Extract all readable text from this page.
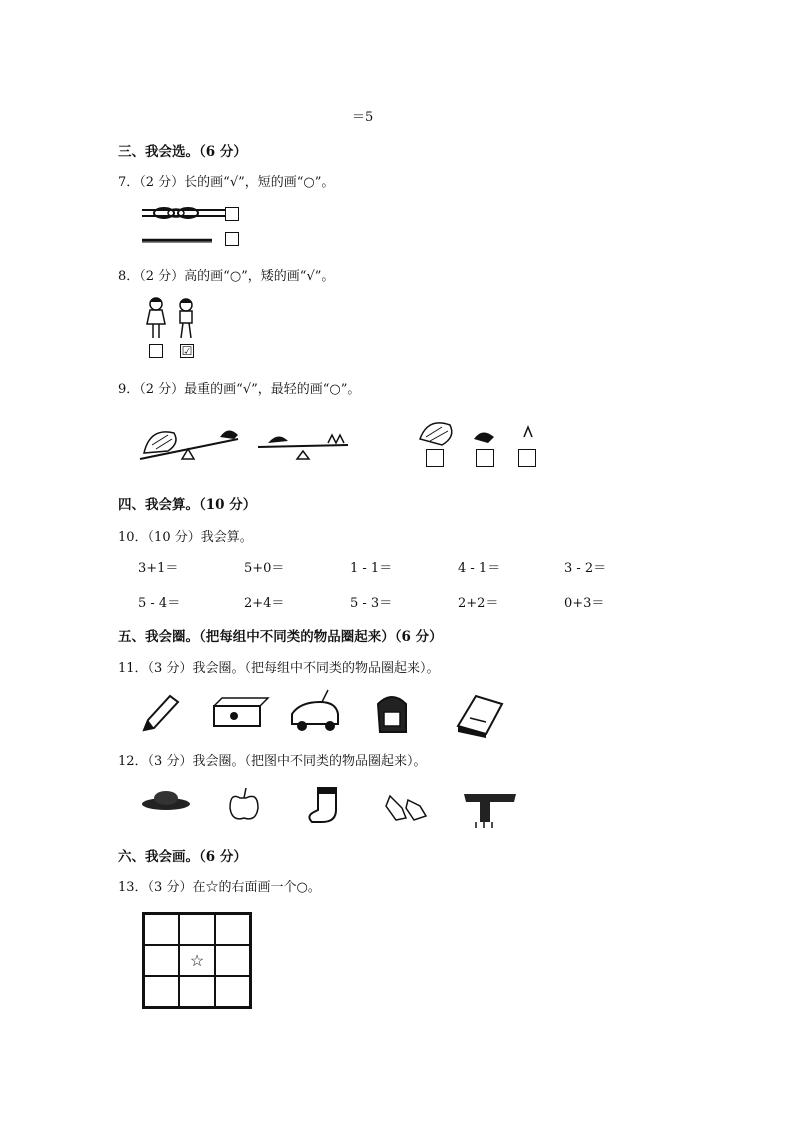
＝5
三、我会选。（6 分）
7．（2 分）长的画“√”，短的画“○”。
8．（2 分）高的画“○”，矮的画“√”。
☑
9．（2 分）最重的画“√”，最轻的画“○”。
四、我会算。（10 分）
10．（10 分）我会算。
3+1＝	5+0＝	1 - 1＝	4 - 1＝	3 - 2＝
5 - 4＝	2+4＝	5 - 3＝	2+2＝	0+3＝
五、我会圈。（把每组中不同类的物品圈起来）（6 分）
11．（3 分）我会圈。（把每组中不同类的物品圈起来）。
12．（3 分）我会圈。（把图中不同类的物品圈起来）。
六、我会画。（6 分）
13．（3 分）在☆的右面画一个○。
☆
